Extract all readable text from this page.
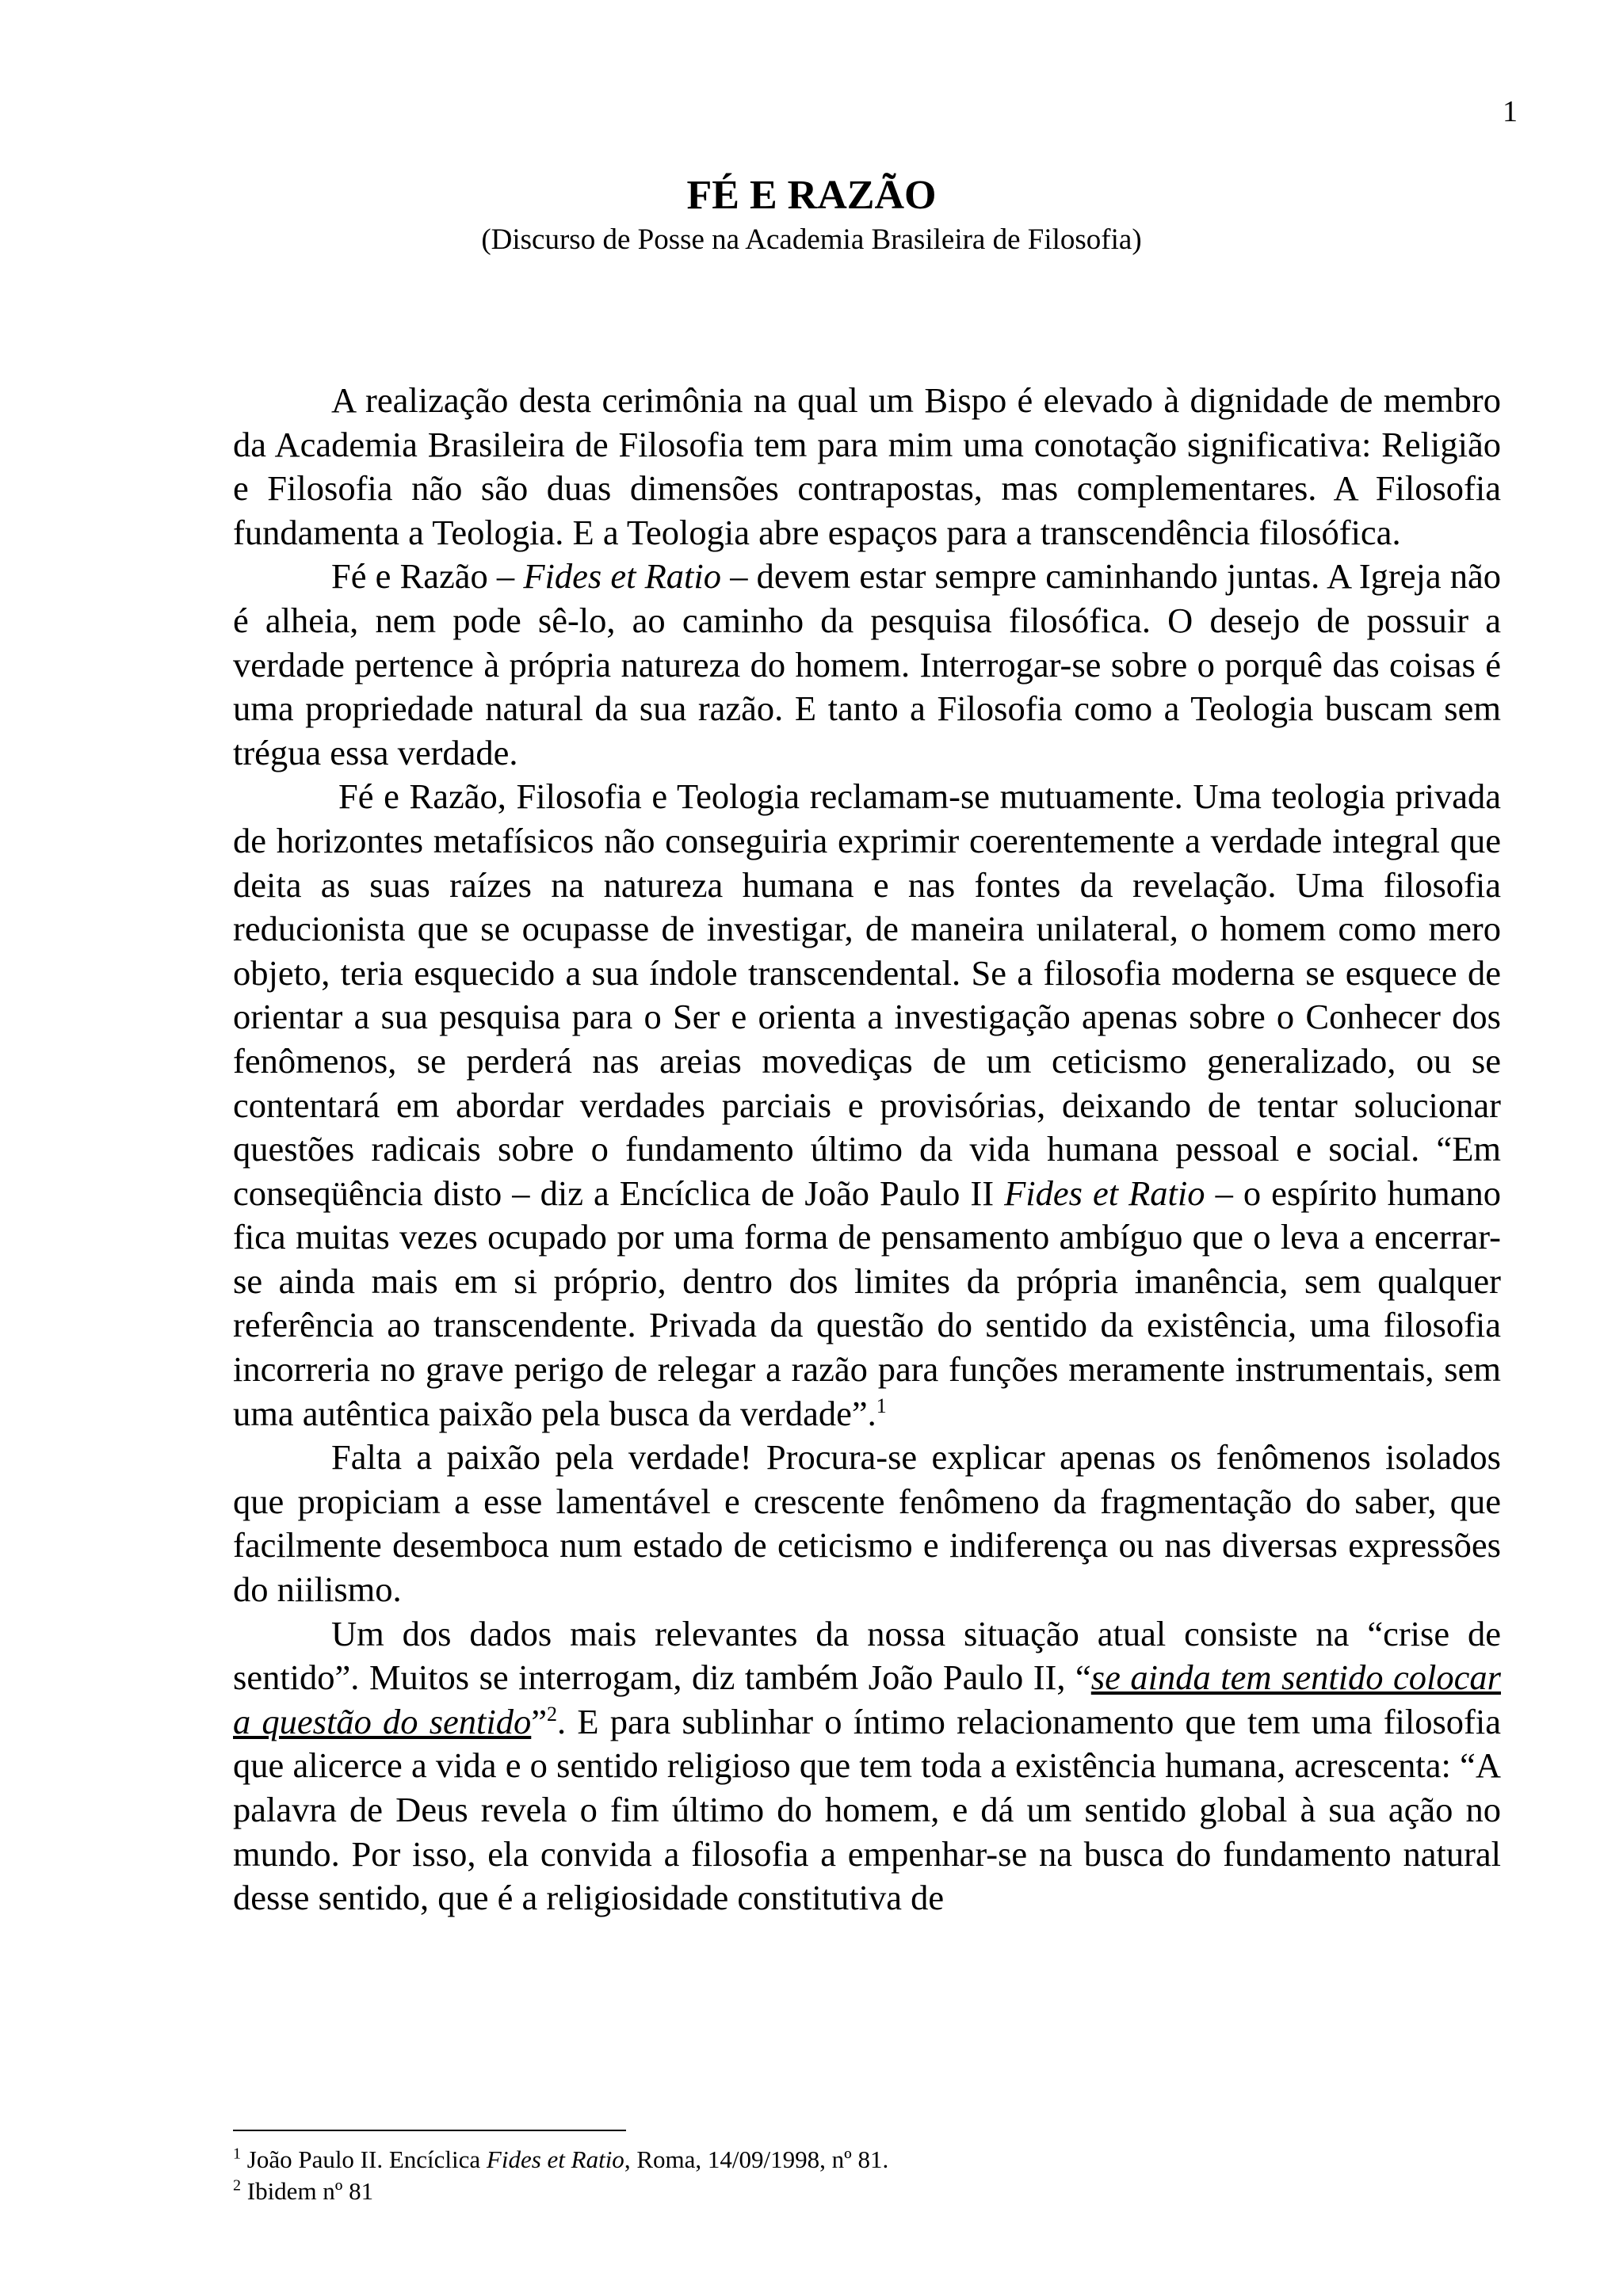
1
FÉ E RAZÃO
(Discurso de Posse na Academia Brasileira de Filosofia)

A realização desta cerimônia na qual um Bispo é elevado à dignidade de membro da Academia Brasileira de Filosofia tem para mim uma conotação significativa: Religião e Filosofia não são duas dimensões contrapostas, mas complementares. A Filosofia fundamenta a Teologia. E a Teologia abre espaços para a transcendência filosófica.

Fé e Razão – Fides et Ratio – devem estar sempre caminhando juntas. A Igreja não é alheia, nem pode sê-lo, ao caminho da pesquisa filosófica. O desejo de possuir a verdade pertence à própria natureza do homem. Interrogar-se sobre o porquê das coisas é uma propriedade natural da sua razão. E tanto a Filosofia como a Teologia buscam sem trégua essa verdade.

Fé e Razão, Filosofia e Teologia reclamam-se mutuamente. Uma teologia privada de horizontes metafísicos não conseguiria exprimir coerentemente a verdade integral que deita as suas raízes na natureza humana e nas fontes da revelação. Uma filosofia reducionista que se ocupasse de investigar, de maneira unilateral, o homem como mero objeto, teria esquecido a sua índole transcendental. Se a filosofia moderna se esquece de orientar a sua pesquisa para o Ser e orienta a investigação apenas sobre o Conhecer dos fenômenos, se perderá nas areias movediças de um ceticismo generalizado, ou se contentará em abordar verdades parciais e provisórias, deixando de tentar solucionar questões radicais sobre o fundamento último da vida humana pessoal e social. “Em conseqüência disto – diz a Encíclica de João Paulo II Fides et Ratio – o espírito humano fica muitas vezes ocupado por uma forma de pensamento ambíguo que o leva a encerrar-se ainda mais em si próprio, dentro dos limites da própria imanência, sem qualquer referência ao transcendente. Privada da questão do sentido da existência, uma filosofia incorreria no grave perigo de relegar a razão para funções meramente instrumentais, sem uma autêntica paixão pela busca da verdade”.$^1$

Falta a paixão pela verdade! Procura-se explicar apenas os fenômenos isolados que propiciam a esse lamentável e crescente fenômeno da fragmentação do saber, que facilmente desemboca num estado de ceticismo e indiferença ou nas diversas expressões do niilismo.

Um dos dados mais relevantes da nossa situação atual consiste na “crise de sentido”. Muitos se interrogam, diz também João Paulo II, “se ainda tem sentido colocar a questão do sentido”$^2$. E para sublinhar o íntimo relacionamento que tem uma filosofia que alicerce a vida e o sentido religioso que tem toda a existência humana, acrescenta: “A palavra de Deus revela o fim último do homem, e dá um sentido global à sua ação no mundo. Por isso, ela convida a filosofia a empenhar-se na busca do fundamento natural desse sentido, que é a religiosidade constitutiva de

$^1$ João Paulo II. Encíclica Fides et Ratio, Roma, 14/09/1998, nº 81.

$^2$ Ibidem nº 81
